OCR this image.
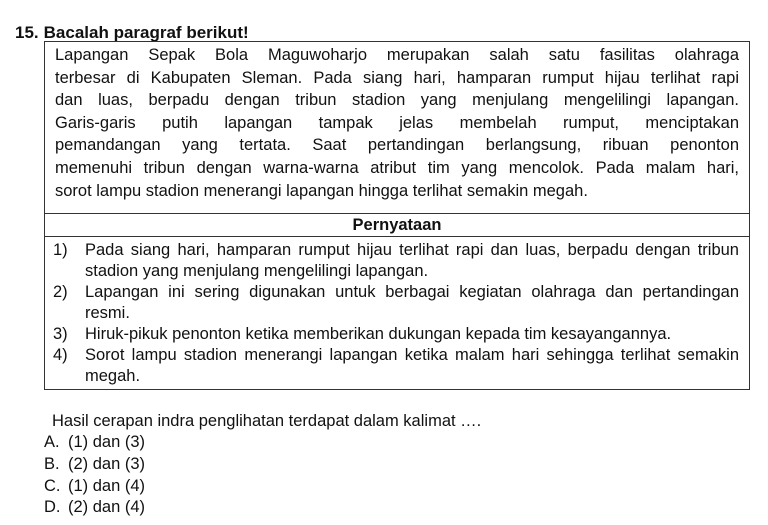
15. Bacalah paragraf berikut!
Lapangan Sepak Bola Maguwoharjo merupakan salah satu fasilitas olahraga
terbesar di Kabupaten Sleman. Pada siang hari, hamparan rumput hijau terlihat rapi
dan luas, berpadu dengan tribun stadion yang menjulang mengelilingi lapangan.
Garis-garis putih lapangan tampak jelas membelah rumput, menciptakan
pemandangan yang tertata. Saat pertandingan berlangsung, ribuan penonton
memenuhi tribun dengan warna-warna atribut tim yang mencolok. Pada malam hari,
sorot lampu stadion menerangi lapangan hingga terlihat semakin megah.
Pernyataan

1)	Pada siang hari, hamparan rumput hijau terlihat rapi dan luas, berpadu dengan tribun stadion yang menjulang mengelilingi lapangan.
2)	Lapangan ini sering digunakan untuk berbagai kegiatan olahraga dan pertandingan resmi.
3)	Hiruk-pikuk penonton ketika memberikan dukungan kepada tim kesayangannya.
4)	Sorot lampu stadion menerangi lapangan ketika malam hari sehingga terlihat semakin megah.
Hasil cerapan indra penglihatan terdapat dalam kalimat ….
A. (1) dan (3)
B. (2) dan (3)
C. (1) dan (4)
D. (2) dan (4)
